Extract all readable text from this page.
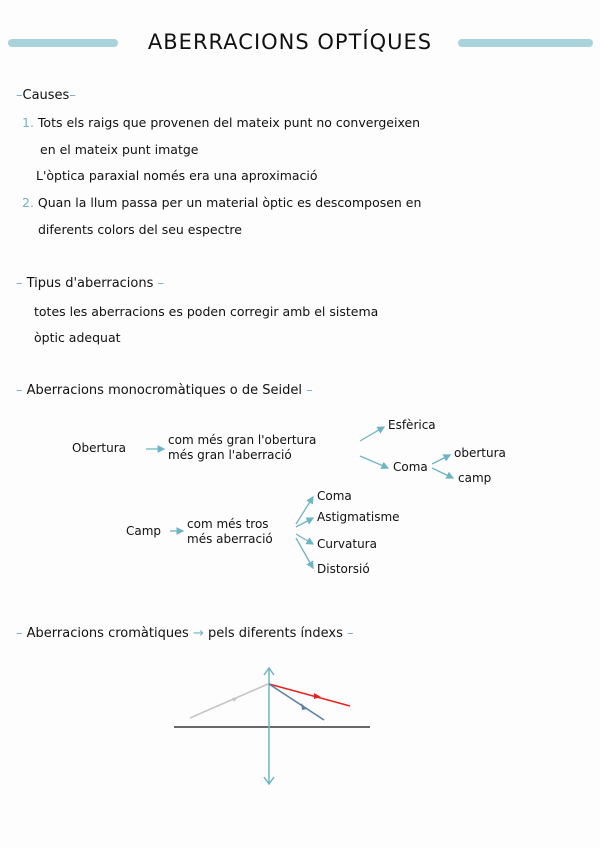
ABERRACIONS OPTÍQUES
–Causes–
1. Tots els raigs que provenen del mateix punt no convergeixen
en el mateix punt imatge
L'òptica paraxial només era una aproximació
2. Quan la llum passa per un material òptic es descomposen en
diferents colors del seu espectre
– Tipus d'aberracions –
totes les aberracions es poden corregir amb el sistema
òptic adequat
– Aberracions monocromàtiques o de Seidel –
Obertura
com més gran l'obertura
més gran l'aberració
Esfèrica
Coma
obertura
camp
Camp com més tros
més aberració
Coma
Astigmatisme
Curvatura
Distorsió
– Aberracions cromàtiques → pels diferents índexs –
